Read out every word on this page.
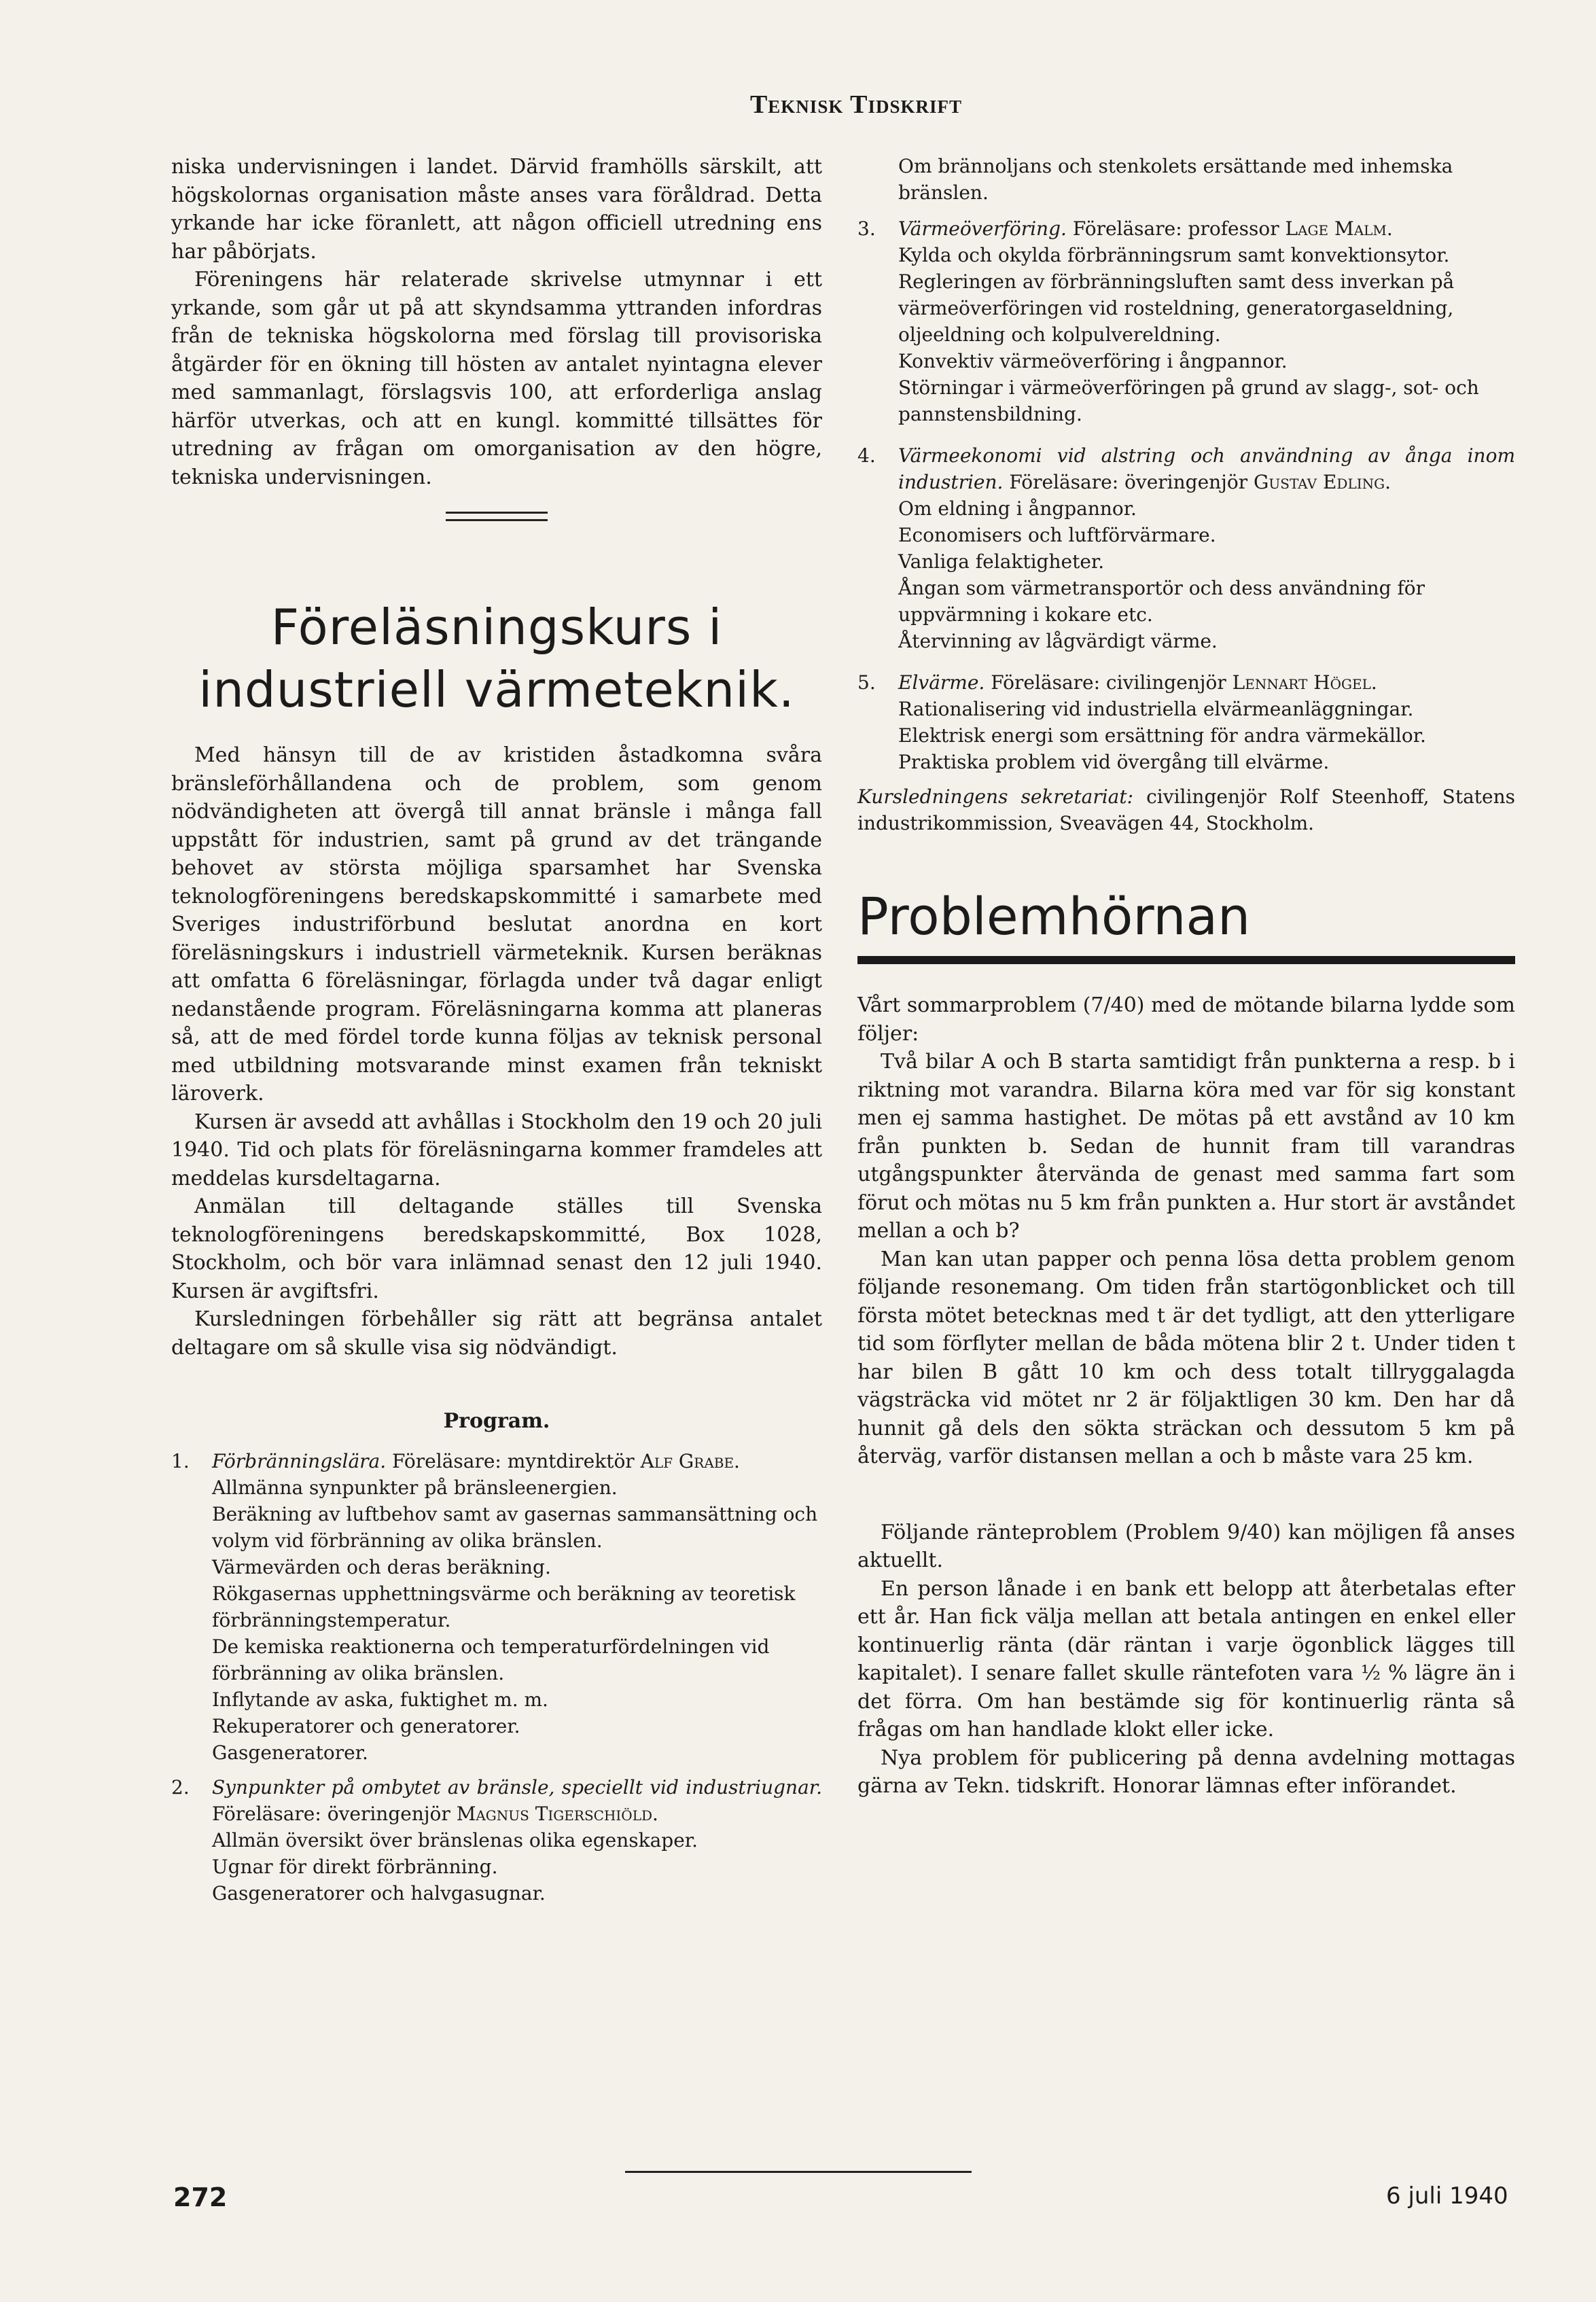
Teknisk Tidskrift

niska undervisningen i landet. Därvid framhölls särskilt, att högskolornas organisation måste anses vara föråldrad. Detta yrkande har icke föranlett, att någon officiell utredning ens har påbörjats.

Föreningens här relaterade skrivelse utmynnar i ett yrkande, som går ut på att skyndsamma yttranden infordras från de tekniska högskolorna med förslag till provisoriska åtgärder för en ökning till hösten av antalet nyintagna elever med sammanlagt, förslagsvis 100, att erforderliga anslag härför utverkas, och att en kungl. kommitté tillsättes för utredning av frågan om omorganisation av den högre, tekniska undervisningen.

Föreläsningskurs i industriell värmeteknik.

Med hänsyn till de av kristiden åstadkomna svåra bränsleförhållandena och de problem, som genom nödvändigheten att övergå till annat bränsle i många fall uppstått för industrien, samt på grund av det trängande behovet av största möjliga sparsamhet har Svenska teknologföreningens beredskapskommitté i samarbete med Sveriges industriförbund beslutat anordna en kort föreläsningskurs i industriell värmeteknik. Kursen beräknas att omfatta 6 föreläsningar, förlagda under två dagar enligt nedanstående program. Föreläsningarna komma att planeras så, att de med fördel torde kunna följas av teknisk personal med utbildning motsvarande minst examen från tekniskt läroverk.

Kursen är avsedd att avhållas i Stockholm den 19 och 20 juli 1940. Tid och plats för föreläsningarna kommer framdeles att meddelas kursdeltagarna.

Anmälan till deltagande ställes till Svenska teknologföreningens beredskapskommitté, Box 1028, Stockholm, och bör vara inlämnad senast den 12 juli 1940. Kursen är avgiftsfri.

Kursledningen förbehåller sig rätt att begränsa antalet deltagare om så skulle visa sig nödvändigt.

Program.
1.	Förbränningslära. Föreläsare: myntdirektör Alf Grabe.
Allmänna synpunkter på bränsleenergien.
Beräkning av luftbehov samt av gasernas sammansättning och volym vid förbränning av olika bränslen.
Värmevärden och deras beräkning.
Rökgasernas upphettningsvärme och beräkning av teoretisk förbränningstemperatur.
De kemiska reaktionerna och temperaturfördelningen vid förbränning av olika bränslen.
Inflytande av aska, fuktighet m. m.
Rekuperatorer och generatorer.
Gasgeneratorer.
2.	Synpunkter på ombytet av bränsle, speciellt vid industriugnar. Föreläsare: överingenjör Magnus Tigerschiöld.
Allmän översikt över bränslenas olika egenskaper.
Ugnar för direkt förbränning.
Gasgeneratorer och halvgasugnar.
Om brännoljans och stenkolets ersättande med inhemska bränslen.
3.	Värmeöverföring. Föreläsare: professor Lage Malm.
Kylda och okylda förbränningsrum samt konvektionsytor.
Regleringen av förbränningsluften samt dess inverkan på värmeöverföringen vid rosteldning, generatorgaseldning, oljeeldning och kolpulvereldning.
Konvektiv värmeöverföring i ångpannor.
Störningar i värmeöverföringen på grund av slagg-, sot- och pannstensbildning.
4.	Värmeekonomi vid alstring och användning av ånga inom industrien. Föreläsare: överingenjör Gustav Edling.
Om eldning i ångpannor.
Economisers och luftförvärmare.
Vanliga felaktigheter.
Ångan som värmetransportör och dess användning för uppvärmning i kokare etc.
Återvinning av lågvärdigt värme.
5.	Elvärme. Föreläsare: civilingenjör Lennart Högel.
Rationalisering vid industriella elvärmeanläggningar.
Elektrisk energi som ersättning för andra värmekällor.
Praktiska problem vid övergång till elvärme.

Kursledningens sekretariat: civilingenjör Rolf Steenhoff, Statens industrikommission, Sveavägen 44, Stockholm.

Problemhörnan

Vårt sommarproblem (7/40) med de mötande bilarna lydde som följer:

Två bilar A och B starta samtidigt från punkterna a resp. b i riktning mot varandra. Bilarna köra med var för sig konstant men ej samma hastighet. De mötas på ett avstånd av 10 km från punkten b. Sedan de hunnit fram till varandras utgångspunkter återvända de genast med samma fart som förut och mötas nu 5 km från punkten a. Hur stort är avståndet mellan a och b?

Man kan utan papper och penna lösa detta problem genom följande resonemang. Om tiden från startögonblicket och till första mötet betecknas med t är det tydligt, att den ytterligare tid som förflyter mellan de båda mötena blir 2 t. Under tiden t har bilen B gått 10 km och dess totalt tillryggalagda vägsträcka vid mötet nr 2 är följaktligen 30 km. Den har då hunnit gå dels den sökta sträckan och dessutom 5 km på återväg, varför distansen mellan a och b måste vara 25 km.

Följande ränteproblem (Problem 9/40) kan möjligen få anses aktuellt.

En person lånade i en bank ett belopp att återbetalas efter ett år. Han fick välja mellan att betala antingen en enkel eller kontinuerlig ränta (där räntan i varje ögonblick lägges till kapitalet). I senare fallet skulle räntefoten vara ½ % lägre än i det förra. Om han bestämde sig för kontinuerlig ränta så frågas om han handlade klokt eller icke.

Nya problem för publicering på denna avdelning mottagas gärna av Tekn. tidskrift. Honorar lämnas efter införandet.

272	6 juli 1940
